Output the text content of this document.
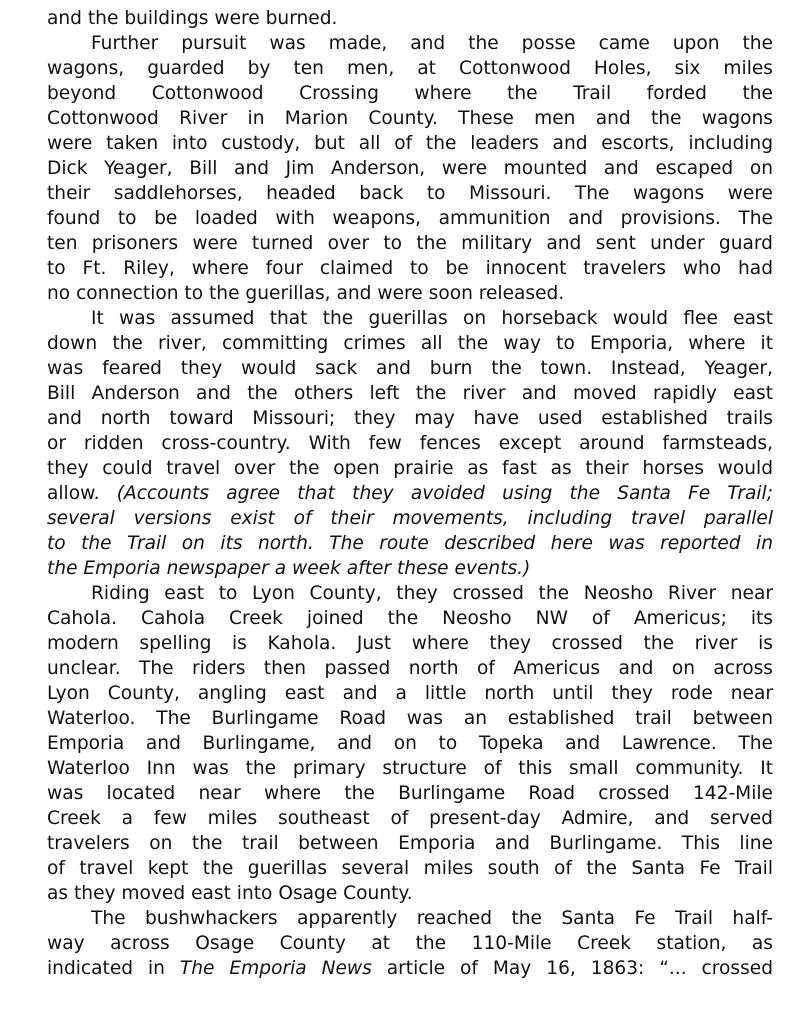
and the buildings were burned.
Further pursuit was made, and the posse came upon the
wagons, guarded by ten men, at Cottonwood Holes, six miles
beyond Cottonwood Crossing where the Trail forded the
Cottonwood River in Marion County. These men and the wagons
were taken into custody, but all of the leaders and escorts, including
Dick Yeager, Bill and Jim Anderson, were mounted and escaped on
their saddlehorses, headed back to Missouri. The wagons were
found to be loaded with weapons, ammunition and provisions. The
ten prisoners were turned over to the military and sent under guard
to Ft. Riley, where four claimed to be innocent travelers who had
no connection to the guerillas, and were soon released.
It was assumed that the guerillas on horseback would flee east
down the river, committing crimes all the way to Emporia, where it
was feared they would sack and burn the town. Instead, Yeager,
Bill Anderson and the others left the river and moved rapidly east
and north toward Missouri; they may have used established trails
or ridden cross-country. With few fences except around farmsteads,
they could travel over the open prairie as fast as their horses would
allow. (Accounts agree that they avoided using the Santa Fe Trail;
several versions exist of their movements, including travel parallel
to the Trail on its north. The route described here was reported in
the Emporia newspaper a week after these events.)
Riding east to Lyon County, they crossed the Neosho River near
Cahola. Cahola Creek joined the Neosho NW of Americus; its
modern spelling is Kahola. Just where they crossed the river is
unclear. The riders then passed north of Americus and on across
Lyon County, angling east and a little north until they rode near
Waterloo. The Burlingame Road was an established trail between
Emporia and Burlingame, and on to Topeka and Lawrence. The
Waterloo Inn was the primary structure of this small community. It
was located near where the Burlingame Road crossed 142-Mile
Creek a few miles southeast of present-day Admire, and served
travelers on the trail between Emporia and Burlingame. This line
of travel kept the guerillas several miles south of the Santa Fe Trail
as they moved east into Osage County.
The bushwhackers apparently reached the Santa Fe Trail half-
way across Osage County at the 110-Mile Creek station, as
indicated in The Emporia News article of May 16, 1863: “... crossed
